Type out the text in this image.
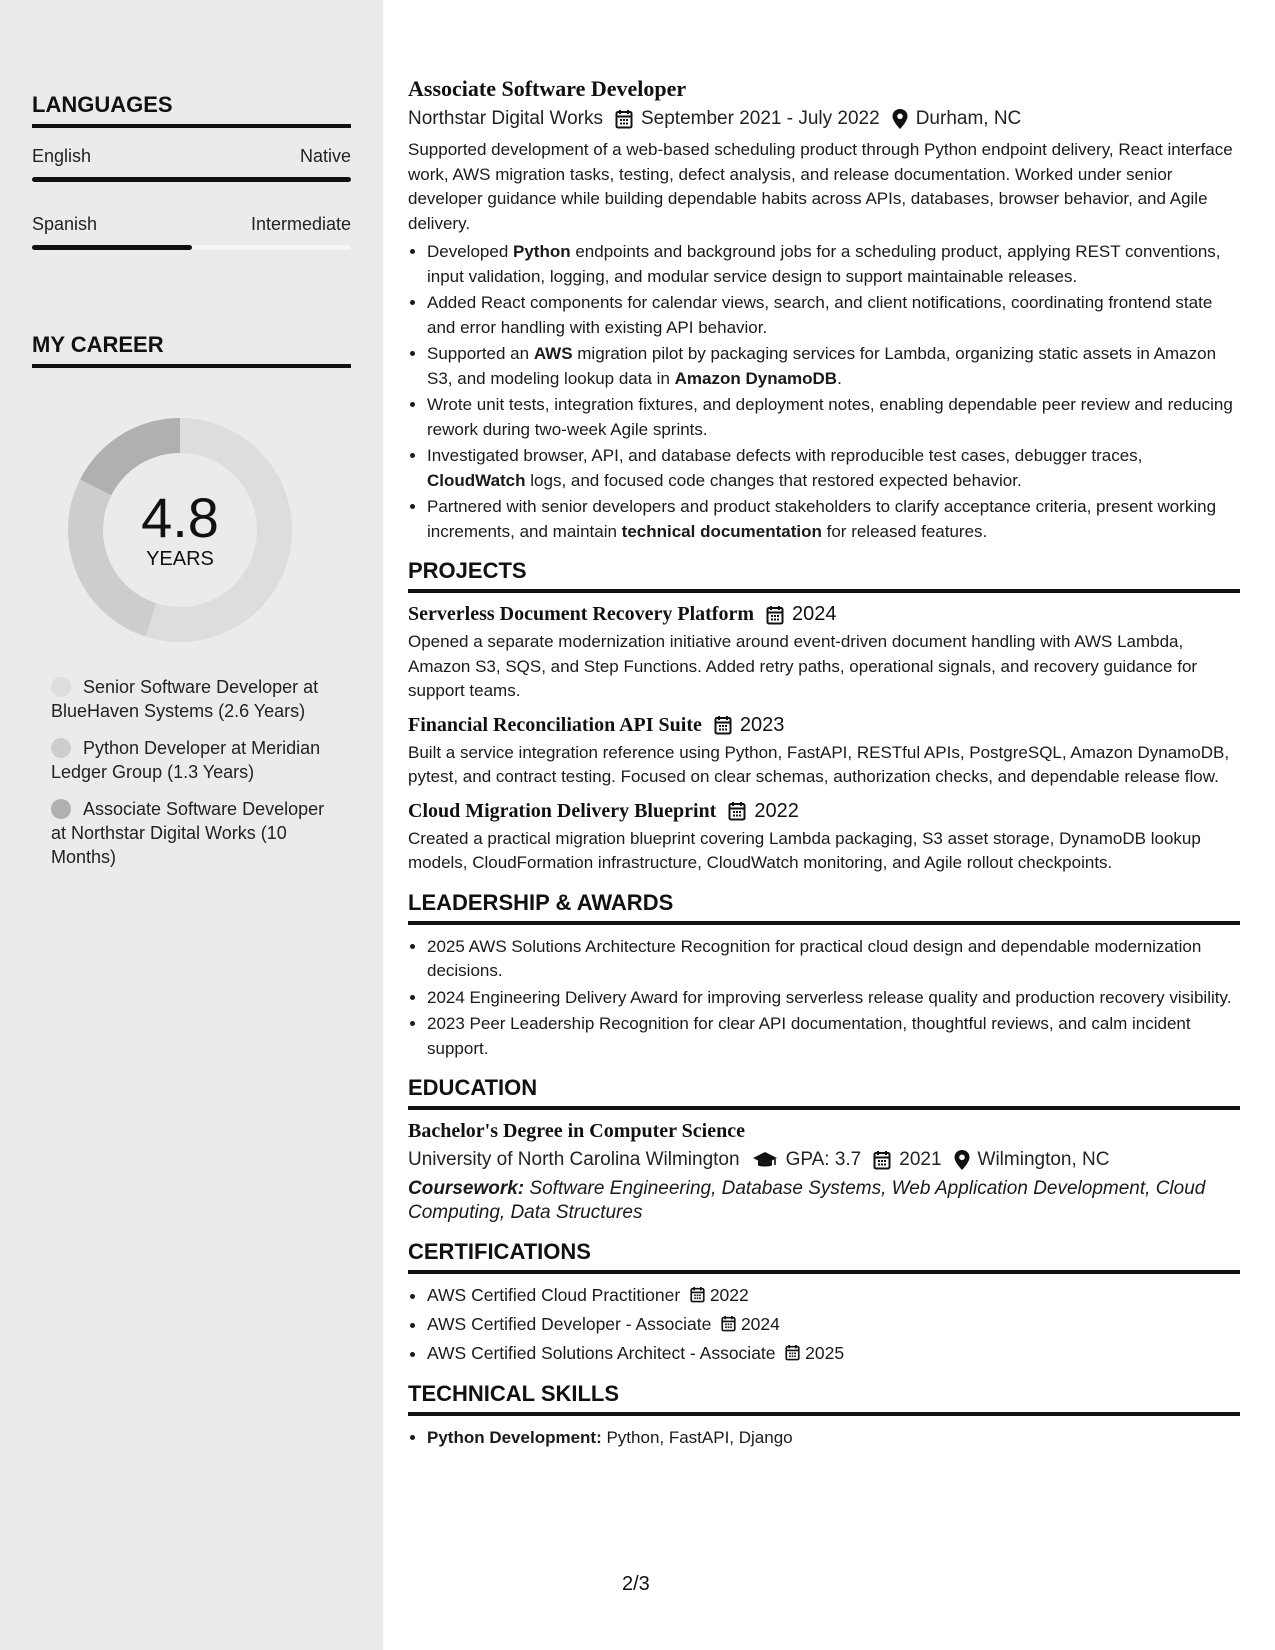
LANGUAGES
English	Native
Spanish	Intermediate
MY CAREER
4.8
YEARS
Senior Software Developer at BlueHaven Systems (2.6 Years)
Python Developer at Meridian Ledger Group (1.3 Years)
Associate Software Developer at Northstar Digital Works (10 Months)
Associate Software Developer
Northstar Digital Works September 2021 - July 2022 Durham, NC
Supported development of a web-based scheduling product through Python endpoint delivery, React interface work, AWS migration tasks, testing, defect analysis, and release documentation. Worked under senior developer guidance while building dependable habits across APIs, databases, browser behavior, and Agile delivery.
• Developed Python endpoints and background jobs for a scheduling product, applying REST conventions, input validation, logging, and modular service design to support maintainable releases.
• Added React components for calendar views, search, and client notifications, coordinating frontend state and error handling with existing API behavior.
• Supported an AWS migration pilot by packaging services for Lambda, organizing static assets in Amazon S3, and modeling lookup data in Amazon DynamoDB.
• Wrote unit tests, integration fixtures, and deployment notes, enabling dependable peer review and reducing rework during two-week Agile sprints.
• Investigated browser, API, and database defects with reproducible test cases, debugger traces, CloudWatch logs, and focused code changes that restored expected behavior.
• Partnered with senior developers and product stakeholders to clarify acceptance criteria, present working increments, and maintain technical documentation for released features.
PROJECTS
Serverless Document Recovery Platform 2024
Opened a separate modernization initiative around event-driven document handling with AWS Lambda, Amazon S3, SQS, and Step Functions. Added retry paths, operational signals, and recovery guidance for support teams.
Financial Reconciliation API Suite 2023
Built a service integration reference using Python, FastAPI, RESTful APIs, PostgreSQL, Amazon DynamoDB, pytest, and contract testing. Focused on clear schemas, authorization checks, and dependable release flow.
Cloud Migration Delivery Blueprint 2022
Created a practical migration blueprint covering Lambda packaging, S3 asset storage, DynamoDB lookup models, CloudFormation infrastructure, CloudWatch monitoring, and Agile rollout checkpoints.
LEADERSHIP & AWARDS
• 2025 AWS Solutions Architecture Recognition for practical cloud design and dependable modernization decisions.
• 2024 Engineering Delivery Award for improving serverless release quality and production recovery visibility.
• 2023 Peer Leadership Recognition for clear API documentation, thoughtful reviews, and calm incident support.
EDUCATION
Bachelor's Degree in Computer Science
University of North Carolina Wilmington GPA: 3.7 2021 Wilmington, NC
Coursework: Software Engineering, Database Systems, Web Application Development, Cloud Computing, Data Structures
CERTIFICATIONS
• AWS Certified Cloud Practitioner 2022
• AWS Certified Developer - Associate 2024
• AWS Certified Solutions Architect - Associate 2025
TECHNICAL SKILLS
• Python Development: Python, FastAPI, Django
2/3
